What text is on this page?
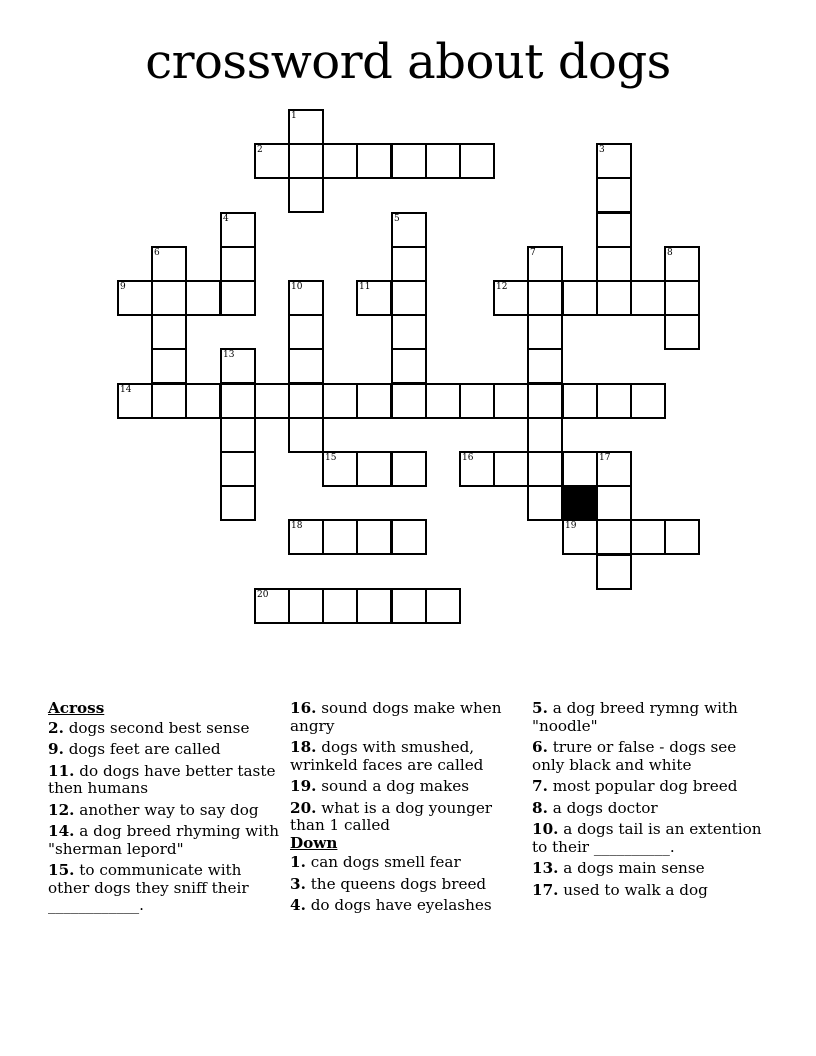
crossword about dogs
1
2	3
4	5
6	7	8
9	10	11	12
13
14
15	16	17
18	19
20
Across
2. dogs second best sense
9. dogs feet are called
11. do dogs have better taste then humans
12. another way to say dog
14. a dog breed rhyming with "sherman lepord"
15. to communicate with other dogs they sniff their ____________.
16. sound dogs make when angry
18. dogs with smushed, wrinkeld faces are called
19. sound a dog makes
20. what is a dog younger than 1 called
Down
1. can dogs smell fear
3. the queens dogs breed
4. do dogs have eyelashes
5. a dog breed rymng with "noodle"
6. trure or false - dogs see only black and white
7. most popular dog breed
8. a dogs doctor
10. a dogs tail is an extention to their __________.
13. a dogs main sense
17. used to walk a dog
